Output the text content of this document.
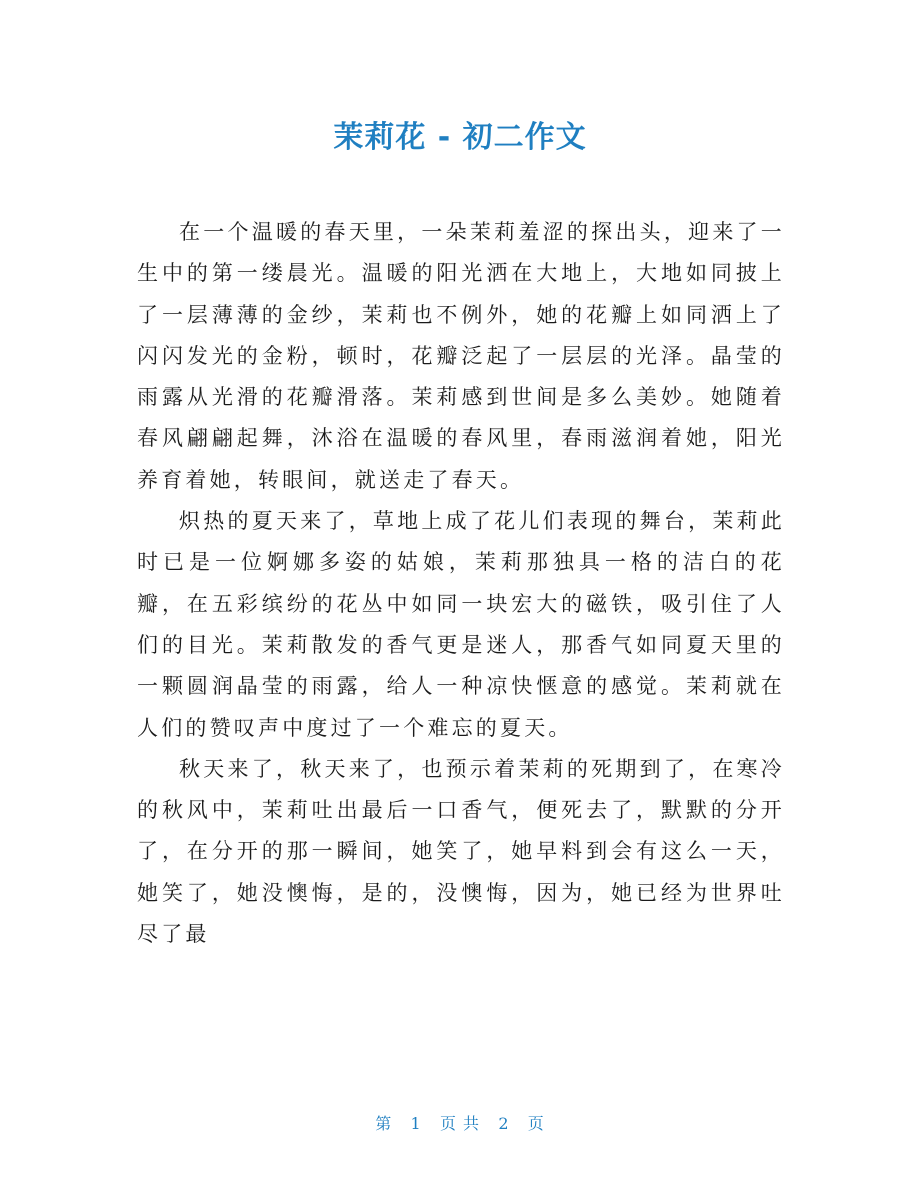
茉莉花 - 初二作文

在一个温暖的春天里，一朵茉莉羞涩的探出头，迎来了一生中的第一缕晨光。温暖的阳光洒在大地上，大地如同披上了一层薄薄的金纱，茉莉也不例外，她的花瓣上如同洒上了闪闪发光的金粉，顿时，花瓣泛起了一层层的光泽。晶莹的雨露从光滑的花瓣滑落。茉莉感到世间是多么美妙。她随着春风翩翩起舞，沐浴在温暖的春风里，春雨滋润着她，阳光养育着她，转眼间，就送走了春天。

炽热的夏天来了，草地上成了花儿们表现的舞台，茉莉此时已是一位婀娜多姿的姑娘，茉莉那独具一格的洁白的花瓣，在五彩缤纷的花丛中如同一块宏大的磁铁，吸引住了人们的目光。茉莉散发的香气更是迷人，那香气如同夏天里的一颗圆润晶莹的雨露，给人一种凉快惬意的感觉。茉莉就在人们的赞叹声中度过了一个难忘的夏天。

秋天来了，秋天来了，也预示着茉莉的死期到了，在寒冷的秋风中，茉莉吐出最后一口香气，便死去了，默默的分开了，在分开的那一瞬间，她笑了，她早料到会有这么一天，她笑了，她没懊悔，是的，没懊悔，因为，她已经为世界吐尽了最

第 1 页 共 2 页
